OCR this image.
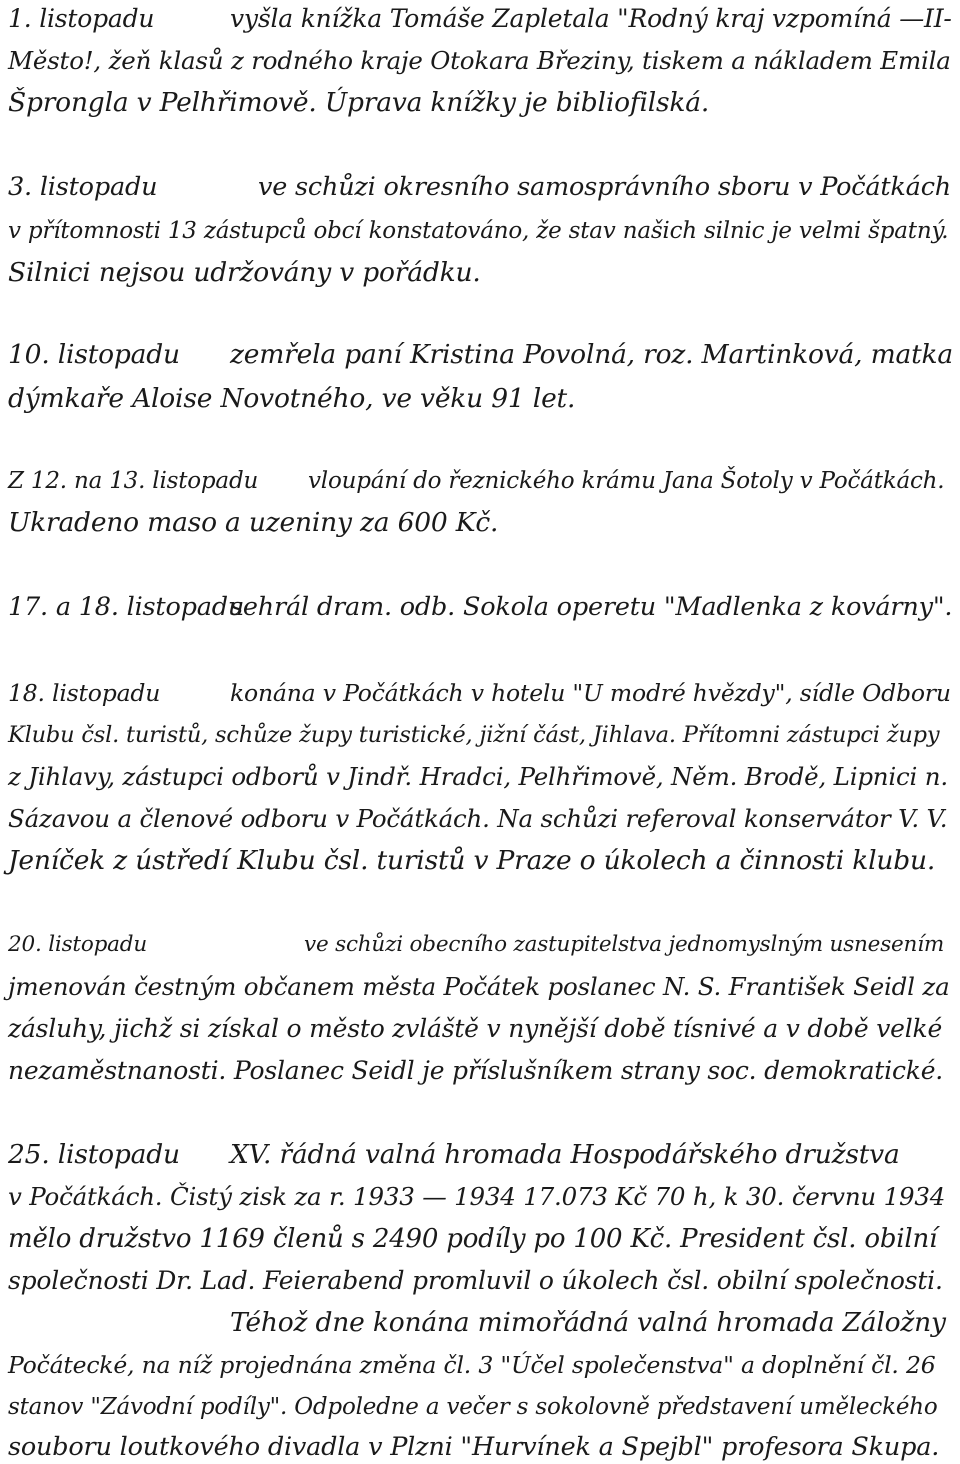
1. listopadu	vyšla knížka Tomáše Zapletala "Rodný kraj vzpomíná —II-
Město!, žeň klasů z rodného kraje Otokara Březiny, tiskem a nákladem Emila
Šprongla v Pelhřimově. Úprava knížky je bibliofilská.
3. listopadu	ve schůzi okresního samosprávního sboru v Počátkách
v přítomnosti 13 zástupců obcí konstatováno, že stav našich silnic je velmi špatný.
Silnici nejsou udržovány v pořádku.
10. listopadu zemřela paní Kristina Povolná, roz. Martinková, matka
dýmkaře Aloise Novotného, ve věku 91 let.
Z 12. na 13. listopadu vloupání do řeznického krámu Jana Šotoly v Počátkách.
Ukradeno maso a uzeniny za 600 Kč.
17. a 18. listopadusehrál dram. odb. Sokola operetu "Madlenka z kovárny".
18. listopadu	konána v Počátkách v hotelu "U modré hvězdy", sídle Odboru
Klubu čsl. turistů, schůze župy turistické, jižní část, Jihlava. Přítomni zástupci župy
z Jihlavy, zástupci odborů v Jindř. Hradci, Pelhřimově, Něm. Brodě, Lipnici n.
Sázavou a členové odboru v Počátkách. Na schůzi referoval konservátor V. V.
Jeníček z ústředí Klubu čsl. turistů v Praze o úkolech a činnosti klubu.
20. listopadu	ve schůzi obecního zastupitelstva jednomyslným usnesením
jmenován čestným občanem města Počátek poslanec N. S. František Seidl za
zásluhy, jichž si získal o město zvláště v nynější době tísnivé a v době velké
nezaměstnanosti. Poslanec Seidl je příslušníkem strany soc. demokratické.
25. listopadu XV. řádná valná hromada Hospodářského družstva
v Počátkách. Čistý zisk za r. 1933 — 1934 17.073 Kč 70 h, k 30. červnu 1934
mělo družstvo 1169 členů s 2490 podíly po 100 Kč. President čsl. obilní
společnosti Dr. Lad. Feierabend promluvil o úkolech čsl. obilní společnosti.
Téhož dne konána mimořádná valná hromada Záložny
Počátecké, na níž projednána změna čl. 3 "Účel společenstva" a doplnění čl. 26
stanov "Závodní podíly". Odpoledne a večer s sokolovně představení uměleckého
souboru loutkového divadla v Plzni "Hurvínek a Spejbl" profesora Skupa.
